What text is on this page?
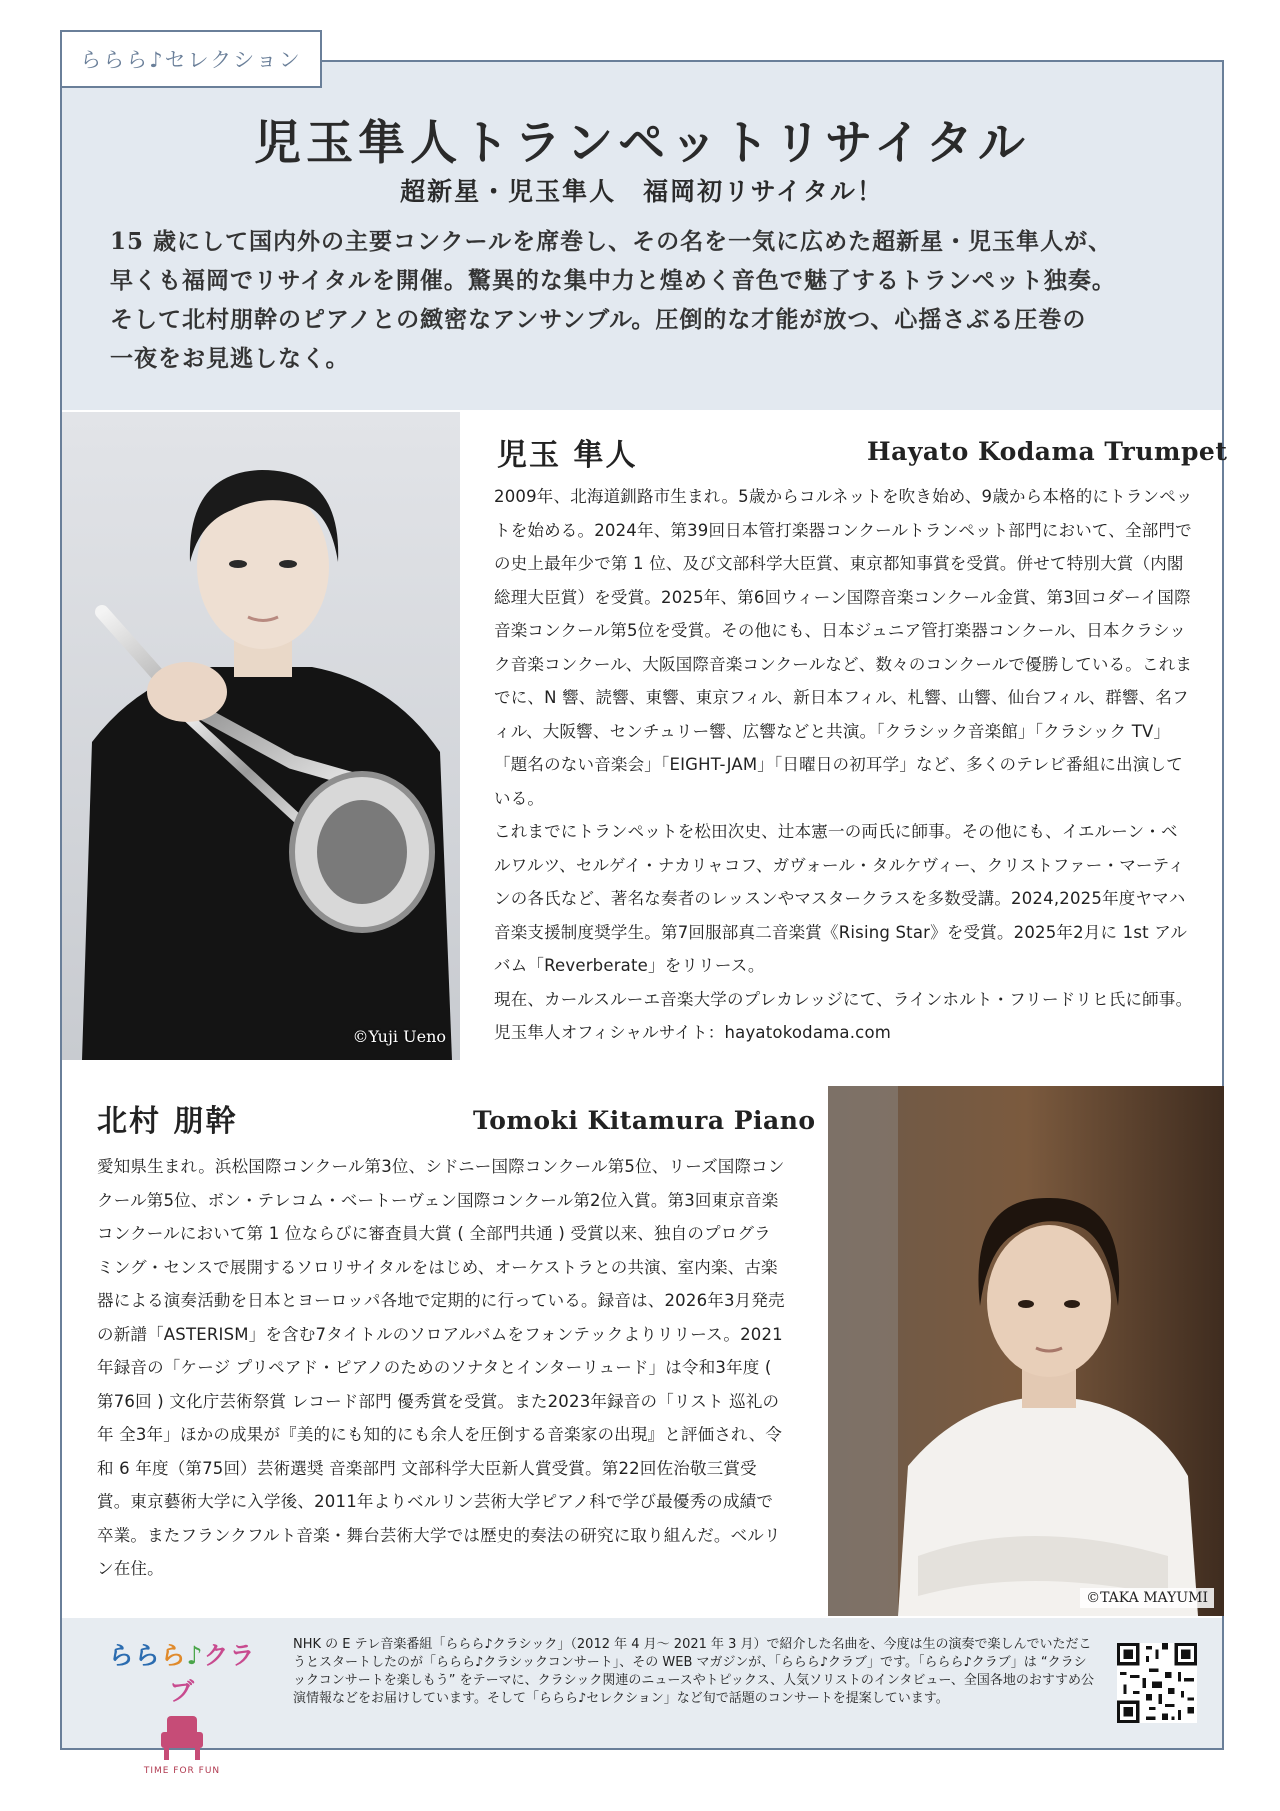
ららら♪セレクション
児玉隼人トランペットリサイタル
超新星・児玉隼人　福岡初リサイタル！

15 歳にして国内外の主要コンクールを席巻し、その名を一気に広めた超新星・児玉隼人が、
早くも福岡でリサイタルを開催。驚異的な集中力と煌めく音色で魅了するトランペット独奏。
そして北村朋幹のピアノとの緻密なアンサンブル。圧倒的な才能が放つ、心揺さぶる圧巻の
一夜をお見逃しなく。

©Yuji Ueno
児玉 隼人	Hayato Kodama Trumpet

2009年、北海道釧路市生まれ。5歳からコルネットを吹き始め、9歳から本格的にトランペットを始める。2024年、第39回日本管打楽器コンクールトランペット部門において、全部門での史上最年少で第 1 位、及び文部科学大臣賞、東京都知事賞を受賞。併せて特別大賞（内閣総理大臣賞）を受賞。2025年、第6回ウィーン国際音楽コンクール金賞、第3回コダーイ国際音楽コンクール第5位を受賞。その他にも、日本ジュニア管打楽器コンクール、日本クラシック音楽コンクール、大阪国際音楽コンクールなど、数々のコンクールで優勝している。これまでに、N 響、読響、東響、東京フィル、新日本フィル、札響、山響、仙台フィル、群響、名フィル、大阪響、センチュリー響、広響などと共演。「クラシック音楽館」「クラシック TV」「題名のない音楽会」「EIGHT-JAM」「日曜日の初耳学」など、多くのテレビ番組に出演している。

これまでにトランペットを松田次史、辻本憲一の両氏に師事。その他にも、イエルーン・ベルワルツ、セルゲイ・ナカリャコフ、ガヴォール・タルケヴィー、クリストファー・マーティンの各氏など、著名な奏者のレッスンやマスタークラスを多数受講。2024,2025年度ヤマハ音楽支援制度奨学生。第7回服部真二音楽賞《Rising Star》を受賞。2025年2月に 1st アルバム「Reverberate」をリリース。

現在、カールスルーエ音楽大学のプレカレッジにて、ラインホルト・フリードリヒ氏に師事。

児玉隼人オフィシャルサイト：hayatokodama.com

北村 朋幹	Tomoki Kitamura Piano

愛知県生まれ。浜松国際コンクール第3位、シドニー国際コンクール第5位、リーズ国際コンクール第5位、ボン・テレコム・ベートーヴェン国際コンクール第2位入賞。第3回東京音楽コンクールにおいて第 1 位ならびに審査員大賞 ( 全部門共通 ) 受賞以来、独自のプログラミング・センスで展開するソロリサイタルをはじめ、オーケストラとの共演、室内楽、古楽器による演奏活動を日本とヨーロッパ各地で定期的に行っている。録音は、2026年3月発売の新譜「ASTERISM」を含む7タイトルのソロアルバムをフォンテックよりリリース。2021年録音の「ケージ プリペアド・ピアノのためのソナタとインターリュード」は令和3年度 ( 第76回 ) 文化庁芸術祭賞 レコード部門 優秀賞を受賞。また2023年録音の「リスト 巡礼の年 全3年」ほかの成果が『美的にも知的にも余人を圧倒する音楽家の出現』と評価され、令和 6 年度（第75回）芸術選奨 音楽部門 文部科学大臣新人賞受賞。第22回佐治敬三賞受賞。東京藝術大学に入学後、2011年よりベルリン芸術大学ピアノ科で学び最優秀の成績で卒業。またフランクフルト音楽・舞台芸術大学では歴史的奏法の研究に取り組んだ。ベルリン在住。

©TAKA MAYUMI
ららら♪クラブ
TIME FOR FUN

NHK の E テレ音楽番組「ららら♪クラシック」（2012 年 4 月～ 2021 年 3 月）で紹介した名曲を、今度は生の演奏で楽しんでいただこうとスタートしたのが「ららら♪クラシックコンサート」、その WEB マガジンが、「ららら♪クラブ」です。「ららら♪クラブ」は “クラシックコンサートを楽しもう” をテーマに、クラシック関連のニュースやトピックス、人気ソリストのインタビュー、全国各地のおすすめ公演情報などをお届けしています。そして「ららら♪セレクション」など旬で話題のコンサートを提案しています。
